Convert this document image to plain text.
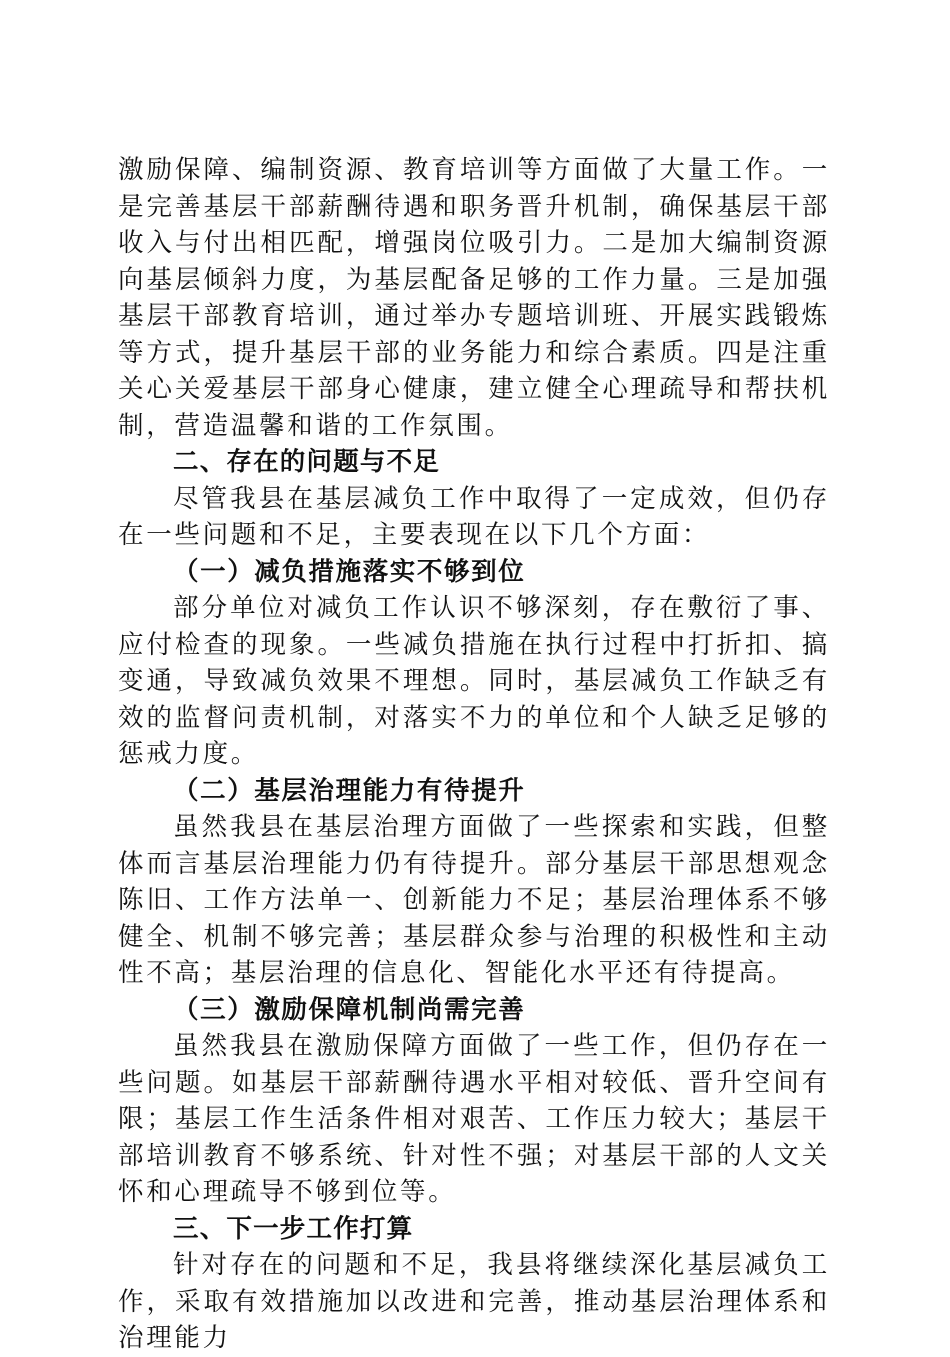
激励保障、编制资源、教育培训等方面做了大量工作。一是完善基层干部薪酬待遇和职务晋升机制，确保基层干部收入与付出相匹配，增强岗位吸引力。二是加大编制资源向基层倾斜力度，为基层配备足够的工作力量。三是加强基层干部教育培训，通过举办专题培训班、开展实践锻炼等方式，提升基层干部的业务能力和综合素质。四是注重关心关爱基层干部身心健康，建立健全心理疏导和帮扶机制，营造温馨和谐的工作氛围。

二、存在的问题与不足

尽管我县在基层减负工作中取得了一定成效，但仍存在一些问题和不足，主要表现在以下几个方面：

（一）减负措施落实不够到位

部分单位对减负工作认识不够深刻，存在敷衍了事、应付检查的现象。一些减负措施在执行过程中打折扣、搞变通，导致减负效果不理想。同时，基层减负工作缺乏有效的监督问责机制，对落实不力的单位和个人缺乏足够的惩戒力度。

（二）基层治理能力有待提升

虽然我县在基层治理方面做了一些探索和实践，但整体而言基层治理能力仍有待提升。部分基层干部思想观念陈旧、工作方法单一、创新能力不足；基层治理体系不够健全、机制不够完善；基层群众参与治理的积极性和主动性不高；基层治理的信息化、智能化水平还有待提高。

（三）激励保障机制尚需完善

虽然我县在激励保障方面做了一些工作，但仍存在一些问题。如基层干部薪酬待遇水平相对较低、晋升空间有限；基层工作生活条件相对艰苦、工作压力较大；基层干部培训教育不够系统、针对性不强；对基层干部的人文关怀和心理疏导不够到位等。

三、下一步工作打算

针对存在的问题和不足，我县将继续深化基层减负工作，采取有效措施加以改进和完善，推动基层治理体系和治理能力
